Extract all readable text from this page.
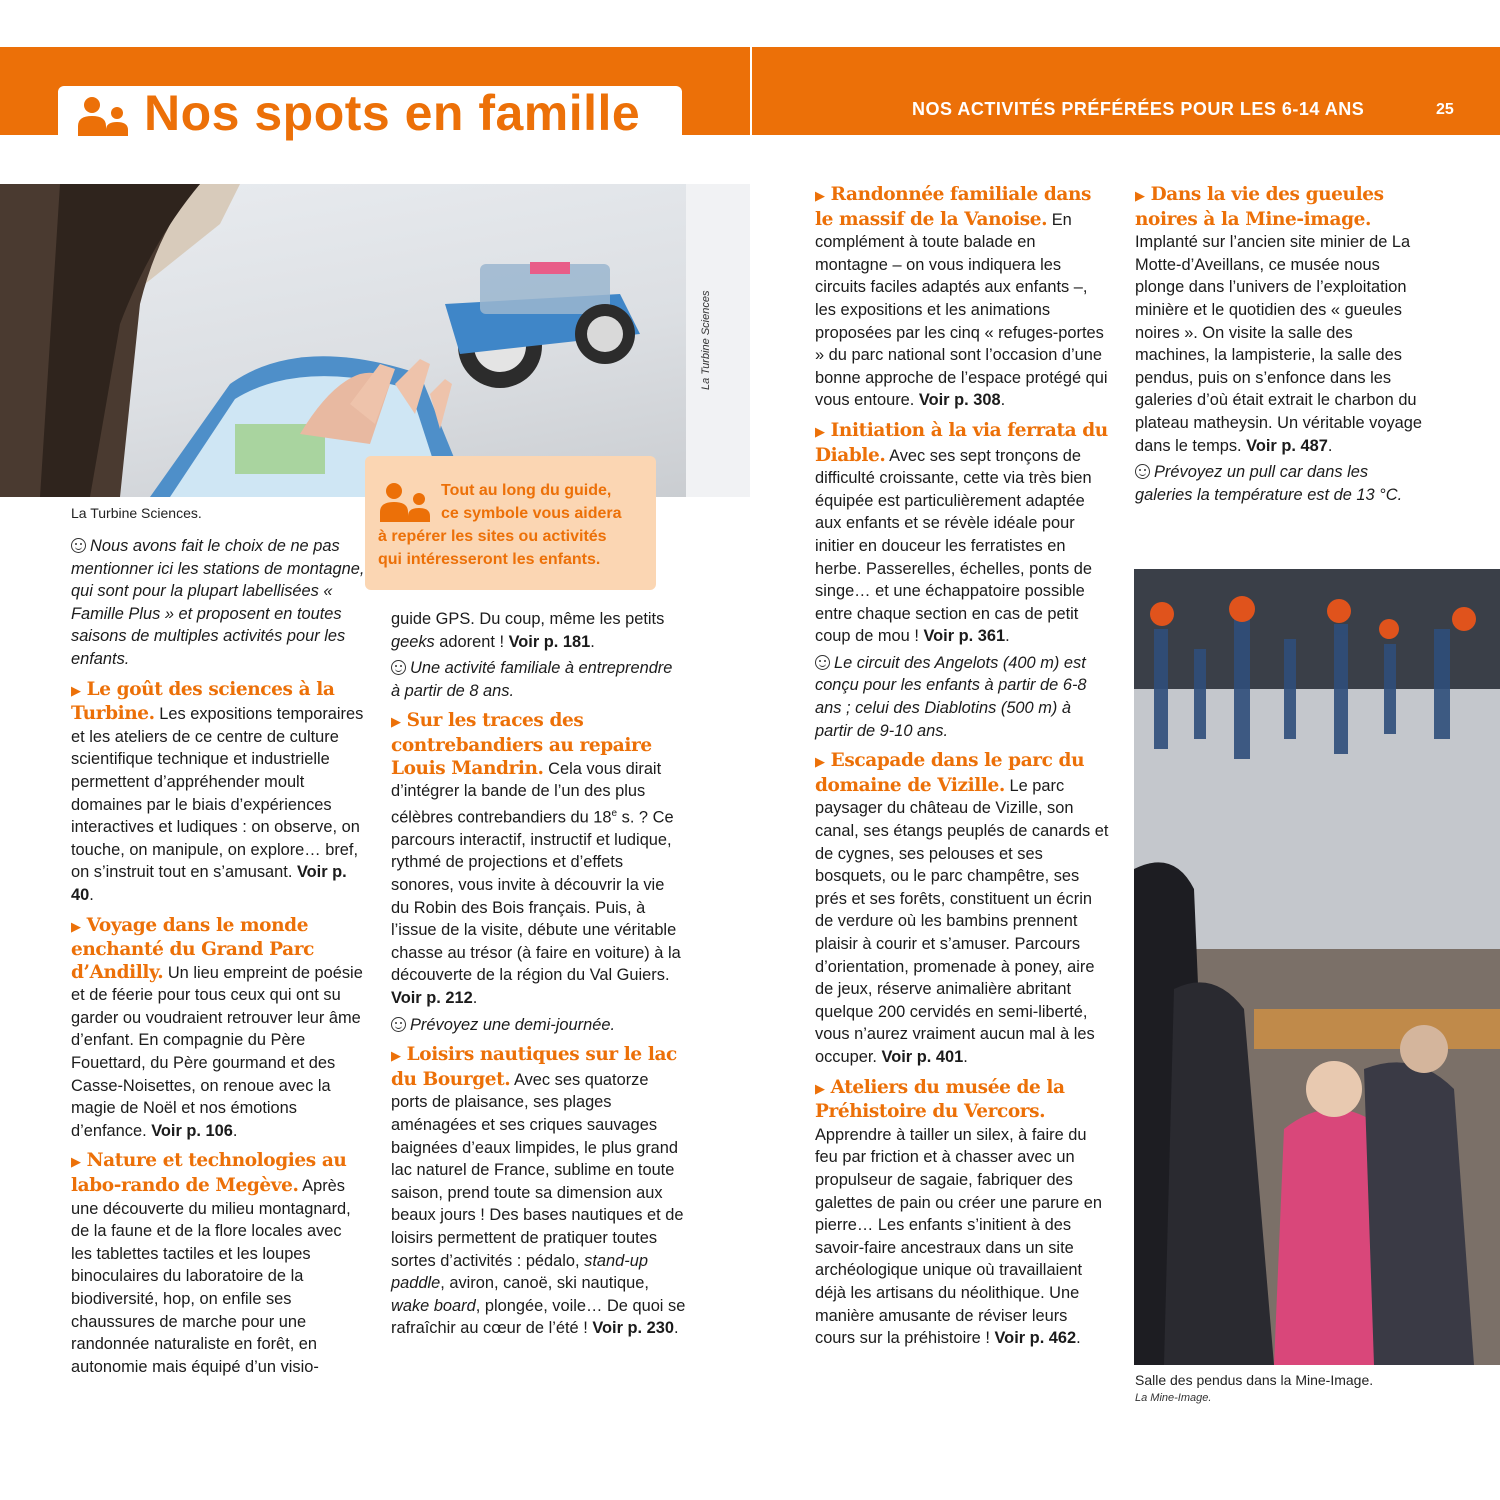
Nos spots en famille	NOS ACTIVITÉS PRÉFÉRÉES POUR LES 6-14 ANS	25
La Turbine Sciences
La Turbine Sciences.
Tout au long du guide,
ce symbole vous aidera
à repérer les sites ou activités
qui intéresseront les enfants.

Nous avons fait le choix de ne pas mentionner ici les stations de montagne, qui sont pour la plupart labellisées « Famille Plus » et proposent en toutes saisons de multiples activités pour les enfants.

▶ Le goût des sciences à la Turbine. Les expositions temporaires et les ateliers de ce centre de culture scientifique technique et industrielle permettent d’appréhender moult domaines par le biais d’expériences interactives et ludiques : on observe, on touche, on manipule, on explore… bref, on s’instruit tout en s’amusant. Voir p. 40.

▶ Voyage dans le monde enchanté du Grand Parc d’Andilly. Un lieu empreint de poésie et de féerie pour tous ceux qui ont su garder ou voudraient retrouver leur âme d’enfant. En compagnie du Père Fouettard, du Père gourmand et des Casse-Noisettes, on renoue avec la magie de Noël et nos émotions d’enfance. Voir p. 106.

▶ Nature et technologies au labo-rando de Megève. Après une découverte du milieu montagnard, de la faune et de la flore locales avec les tablettes tactiles et les loupes binoculaires du laboratoire de la biodiversité, hop, on enfile ses chaussures de marche pour une randonnée naturaliste en forêt, en autonomie mais équipé d’un visio-

guide GPS. Du coup, même les petits geeks adorent ! Voir p. 181.

Une activité familiale à entreprendre à partir de 8 ans.

▶ Sur les traces des contrebandiers au repaire Louis Mandrin. Cela vous dirait d’intégrer la bande de l’un des plus célèbres contrebandiers du 18e s. ? Ce parcours interactif, instructif et ludique, rythmé de projections et d’effets sonores, vous invite à découvrir la vie du Robin des Bois français. Puis, à l’issue de la visite, débute une véritable chasse au trésor (à faire en voiture) à la découverte de la région du Val Guiers. Voir p. 212.

Prévoyez une demi-journée.

▶ Loisirs nautiques sur le lac du Bourget. Avec ses quatorze ports de plaisance, ses plages aménagées et ses criques sauvages baignées d’eaux limpides, le plus grand lac naturel de France, sublime en toute saison, prend toute sa dimension aux beaux jours ! Des bases nautiques et de loisirs permettent de pratiquer toutes sortes d’activités : pédalo, stand-up paddle, aviron, canoë, ski nautique, wake board, plongée, voile… De quoi se rafraîchir au cœur de l’été ! Voir p. 230.

▶ Randonnée familiale dans le massif de la Vanoise. En complément à toute balade en montagne – on vous indiquera les circuits faciles adaptés aux enfants –, les expositions et les animations proposées par les cinq « refuges-portes » du parc national sont l’occasion d’une bonne approche de l’espace protégé qui vous entoure. Voir p. 308.

▶ Initiation à la via ferrata du Diable. Avec ses sept tronçons de difficulté croissante, cette via très bien équipée est particulièrement adaptée aux enfants et se révèle idéale pour initier en douceur les ferratistes en herbe. Passerelles, échelles, ponts de singe… et une échappatoire possible entre chaque section en cas de petit coup de mou ! Voir p. 361.

Le circuit des Angelots (400 m) est conçu pour les enfants à partir de 6-8 ans ; celui des Diablotins (500 m) à partir de 9-10 ans.

▶ Escapade dans le parc du domaine de Vizille. Le parc paysager du château de Vizille, son canal, ses étangs peuplés de canards et de cygnes, ses pelouses et ses bosquets, ou le parc champêtre, ses prés et ses forêts, constituent un écrin de verdure où les bambins prennent plaisir à courir et s’amuser. Parcours d’orientation, promenade à poney, aire de jeux, réserve animalière abritant quelque 200 cervidés en semi-liberté, vous n’aurez vraiment aucun mal à les occuper. Voir p. 401.

▶ Ateliers du musée de la Préhistoire du Vercors. Apprendre à tailler un silex, à faire du feu par friction et à chasser avec un propulseur de sagaie, fabriquer des galettes de pain ou créer une parure en pierre… Les enfants s’initient à des savoir-faire ancestraux dans un site archéologique unique où travaillaient déjà les artisans du néolithique. Une manière amusante de réviser leurs cours sur la préhistoire ! Voir p. 462.

▶ Dans la vie des gueules noires à la Mine-image. Implanté sur l’ancien site minier de La Motte-d’Aveillans, ce musée nous plonge dans l’univers de l’exploitation minière et le quotidien des « gueules noires ». On visite la salle des machines, la lampisterie, la salle des pendus, puis on s’enfonce dans les galeries d’où était extrait le charbon du plateau matheysin. Un véritable voyage dans le temps. Voir p. 487.

Prévoyez un pull car dans les galeries la température est de 13 °C.

Salle des pendus dans la Mine-Image.
La Mine-Image.
